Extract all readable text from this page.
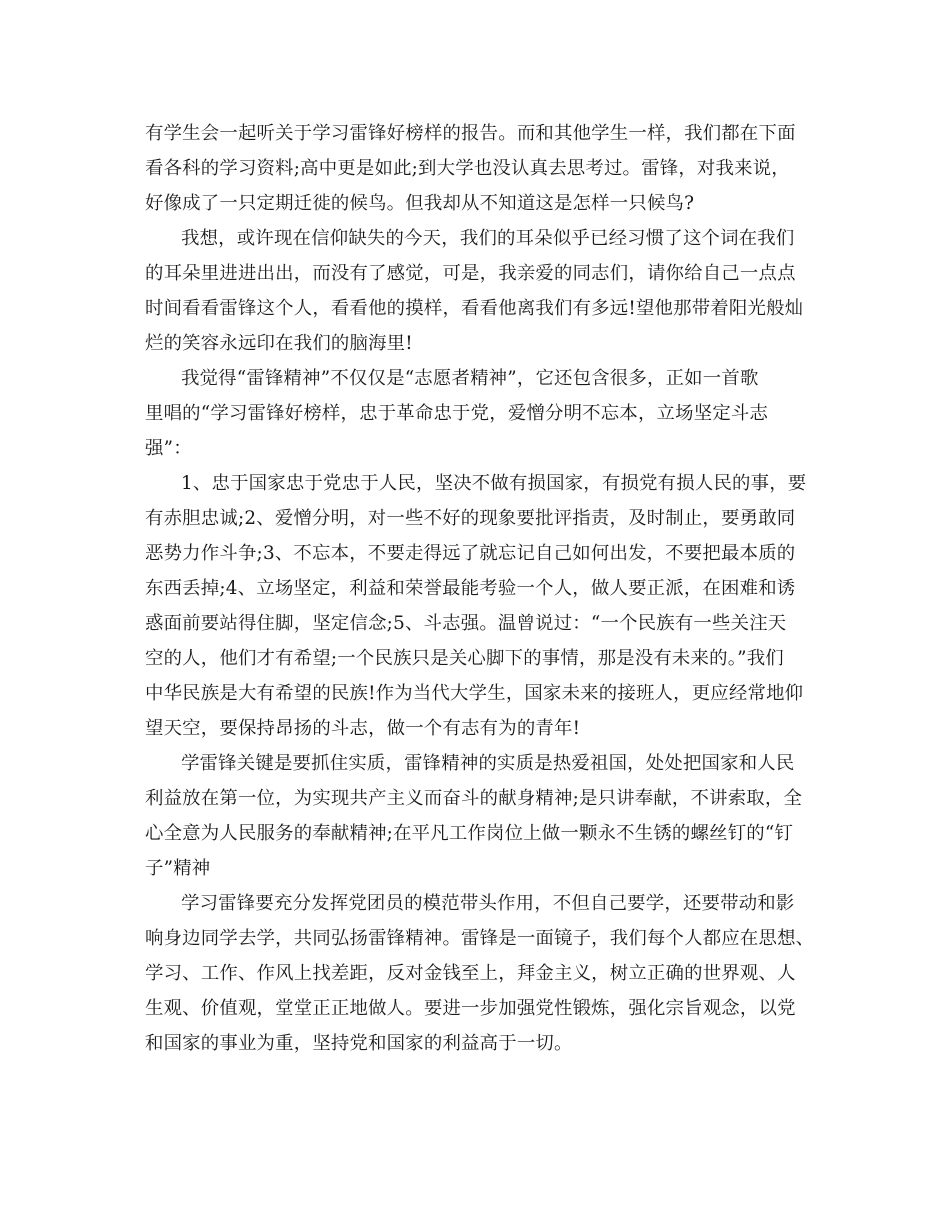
有学生会一起听关于学习雷锋好榜样的报告。而和其他学生一样，我们都在下面
看各科的学习资料;高中更是如此;到大学也没认真去思考过。雷锋，对我来说，
好像成了一只定期迁徙的候鸟。但我却从不知道这是怎样一只候鸟?
我想，或许现在信仰缺失的今天，我们的耳朵似乎已经习惯了这个词在我们
的耳朵里进进出出，而没有了感觉，可是，我亲爱的同志们，请你给自己一点点
时间看看雷锋这个人，看看他的摸样，看看他离我们有多远!望他那带着阳光般灿
烂的笑容永远印在我们的脑海里!
我觉得“雷锋精神”不仅仅是“志愿者精神”，它还包含很多，正如一首歌
里唱的“学习雷锋好榜样，忠于革命忠于党，爱憎分明不忘本，立场坚定斗志
强”：
1、忠于国家忠于党忠于人民，坚决不做有损国家，有损党有损人民的事，要
有赤胆忠诚;2、爱憎分明，对一些不好的现象要批评指责，及时制止，要勇敢同
恶势力作斗争;3、不忘本，不要走得远了就忘记自己如何出发，不要把最本质的
东西丢掉;4、立场坚定，利益和荣誉最能考验一个人，做人要正派，在困难和诱
惑面前要站得住脚，坚定信念;5、斗志强。温曾说过：“一个民族有一些关注天
空的人，他们才有希望;一个民族只是关心脚下的事情，那是没有未来的。”我们
中华民族是大有希望的民族!作为当代大学生，国家未来的接班人，更应经常地仰
望天空，要保持昂扬的斗志，做一个有志有为的青年!
学雷锋关键是要抓住实质，雷锋精神的实质是热爱祖国，处处把国家和人民
利益放在第一位，为实现共产主义而奋斗的献身精神;是只讲奉献，不讲索取，全
心全意为人民服务的奉献精神;在平凡工作岗位上做一颗永不生锈的螺丝钉的“钉
子”精神
学习雷锋要充分发挥党团员的模范带头作用，不但自己要学，还要带动和影
响身边同学去学，共同弘扬雷锋精神。雷锋是一面镜子，我们每个人都应在思想、
学习、工作、作风上找差距，反对金钱至上，拜金主义，树立正确的世界观、人
生观、价值观，堂堂正正地做人。要进一步加强党性锻炼，强化宗旨观念，以党
和国家的事业为重，坚持党和国家的利益高于一切。
